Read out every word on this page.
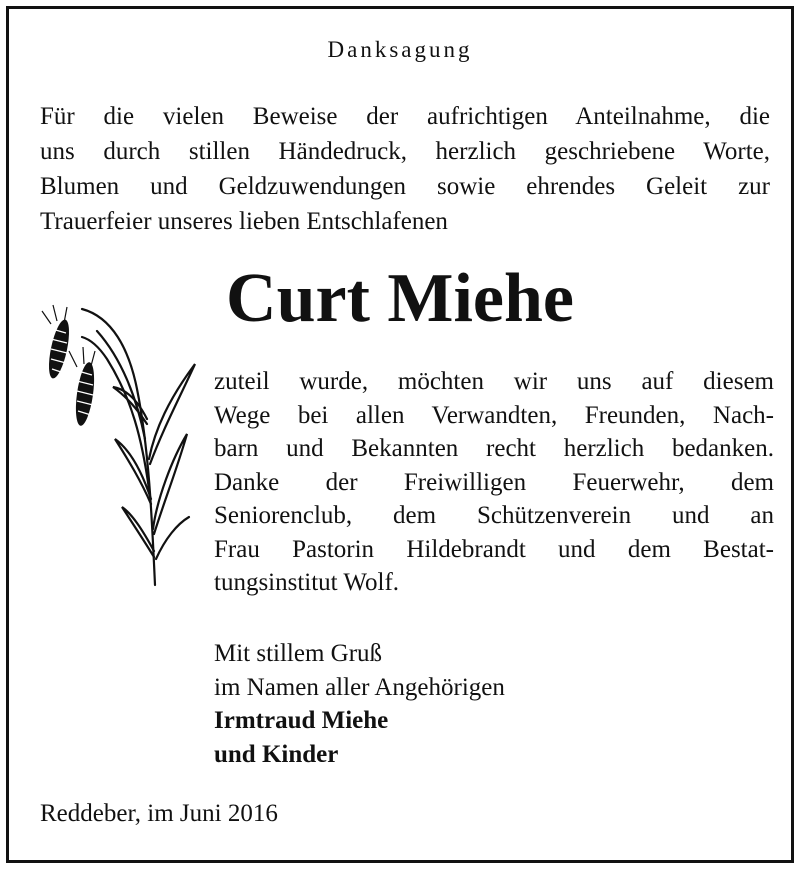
Danksagung
Für die vielen Beweise der aufrichtigen Anteilnahme, die
uns durch stillen Händedruck, herzlich geschriebene Worte,
Blumen und Geldzuwendungen sowie ehrendes Geleit zur
Trauerfeier unseres lieben Entschlafenen
Curt Miehe
zuteil wurde, möchten wir uns auf diesem
Wege bei allen Verwandten, Freunden, Nach-
barn und Bekannten recht herzlich bedanken.
Danke der Freiwilligen Feuerwehr, dem
Seniorenclub, dem Schützenverein und an
Frau Pastorin Hildebrandt und dem Bestat-
tungsinstitut Wolf.
Mit stillem Gruß
im Namen aller Angehörigen
Irmtraud Miehe
und Kinder
Reddeber, im Juni 2016
